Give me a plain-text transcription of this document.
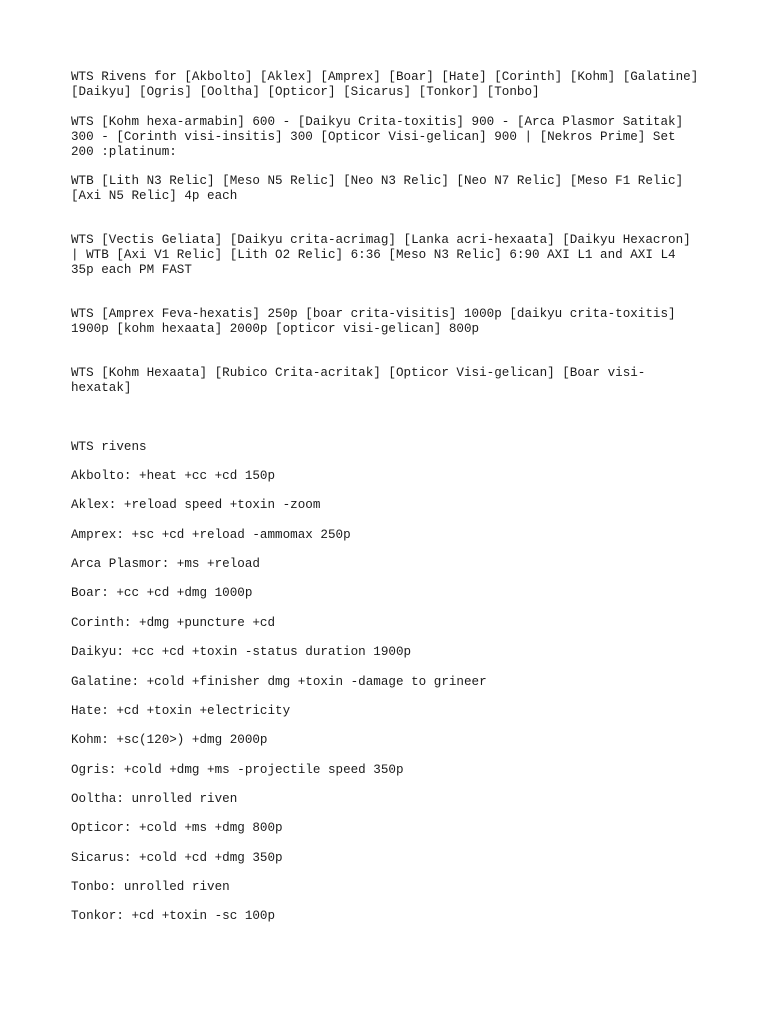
WTS Rivens for [Akbolto] [Aklex] [Amprex] [Boar] [Hate] [Corinth] [Kohm] [Galatine]
[Daikyu] [Ogris] [Ooltha] [Opticor] [Sicarus] [Tonkor] [Tonbo]
WTS [Kohm hexa-armabin] 600 - [Daikyu Crita-toxitis] 900 - [Arca Plasmor Satitak]
300 - [Corinth visi-insitis] 300 [Opticor Visi-gelican] 900 | [Nekros Prime] Set
200 :platinum:
WTB [Lith N3 Relic] [Meso N5 Relic] [Neo N3 Relic] [Neo N7 Relic] [Meso F1 Relic]
[Axi N5 Relic] 4p each
WTS [Vectis Geliata] [Daikyu crita-acrimag] [Lanka acri-hexaata] [Daikyu Hexacron]
| WTB [Axi V1 Relic] [Lith O2 Relic] 6:36 [Meso N3 Relic] 6:90 AXI L1 and AXI L4
35p each PM FAST
WTS [Amprex Feva-hexatis] 250p [boar crita-visitis] 1000p [daikyu crita-toxitis]
1900p [kohm hexaata] 2000p [opticor visi-gelican] 800p
WTS [Kohm Hexaata] [Rubico Crita-acritak] [Opticor Visi-gelican] [Boar visi-
hexatak]
WTS rivens
Akbolto: +heat +cc +cd 150p
Aklex: +reload speed +toxin -zoom
Amprex: +sc +cd +reload -ammomax 250p
Arca Plasmor: +ms +reload
Boar: +cc +cd +dmg 1000p
Corinth: +dmg +puncture +cd
Daikyu: +cc +cd +toxin -status duration 1900p
Galatine: +cold +finisher dmg +toxin -damage to grineer
Hate: +cd +toxin +electricity
Kohm: +sc(120>) +dmg 2000p
Ogris: +cold +dmg +ms -projectile speed 350p
Ooltha: unrolled riven
Opticor: +cold +ms +dmg 800p
Sicarus: +cold +cd +dmg 350p
Tonbo: unrolled riven
Tonkor: +cd +toxin -sc 100p
